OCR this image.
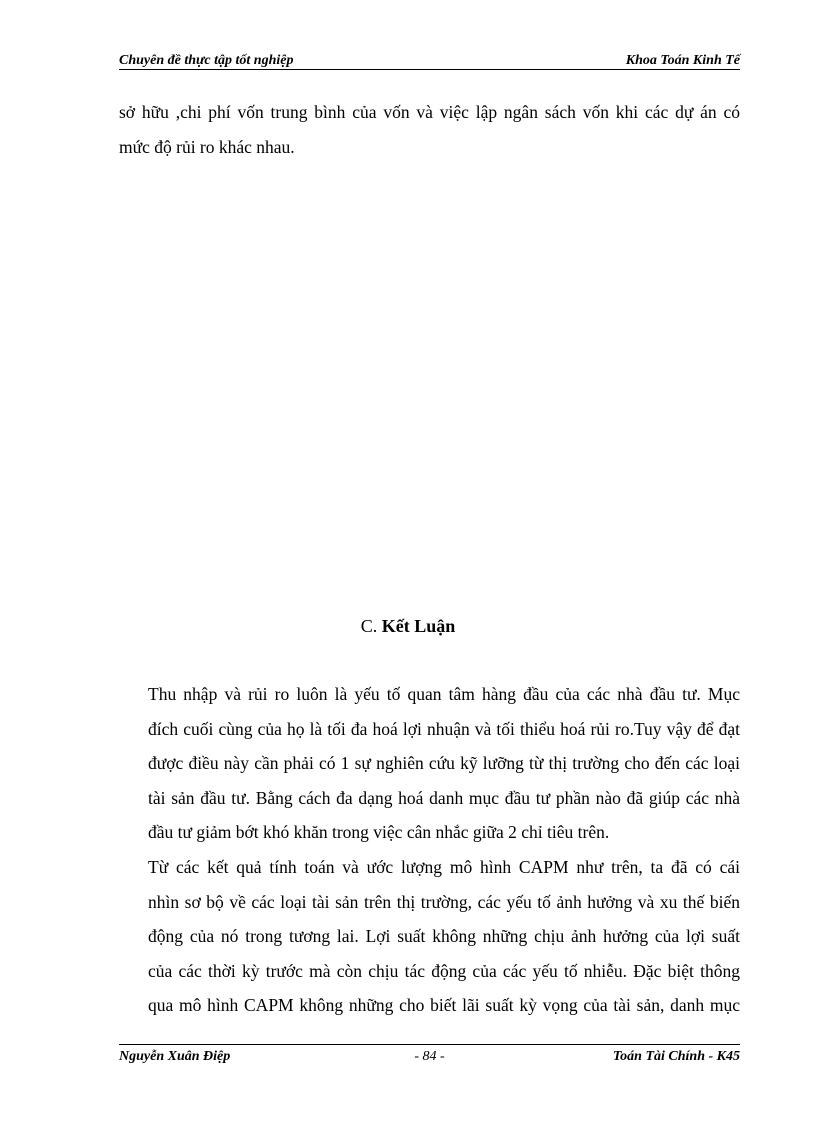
Chuyên đề thực tập tốt nghiệp	Khoa Toán Kinh Tế
sở hữu ,chi phí vốn trung bình của vốn và việc lập ngân sách vốn khi các dự án có
mức độ rủi ro khác nhau.
C. Kết Luận
Thu nhập và rủi ro luôn là yếu tố quan tâm hàng đầu của các nhà đầu tư. Mục
đích cuối cùng của họ là tối đa hoá lợi nhuận và tối thiểu hoá rủi ro.Tuy vậy để đạt
được điều này cần phải có 1 sự nghiên cứu kỹ lưỡng từ thị trường cho đến các loại
tài sản đầu tư. Bằng cách đa dạng hoá danh mục đầu tư phần nào đã giúp các nhà
đầu tư giảm bớt khó khăn trong việc cân nhắc giữa 2 chỉ tiêu trên.
Từ các kết quả tính toán và ước lượng mô hình CAPM như trên, ta đã có cái
nhìn sơ bộ về các loại tài sản trên thị trường, các yếu tố ảnh hưởng và xu thế biến
động của nó trong tương lai. Lợi suất không những chịu ảnh hưởng của lợi suất
của các thời kỳ trước mà còn chịu tác động của các yếu tố nhiễu. Đặc biệt thông
qua mô hình CAPM không những cho biết lãi suất kỳ vọng của tài sản, danh mục
Nguyễn Xuân Điệp	- 84 -	Toán Tài Chính - K45
